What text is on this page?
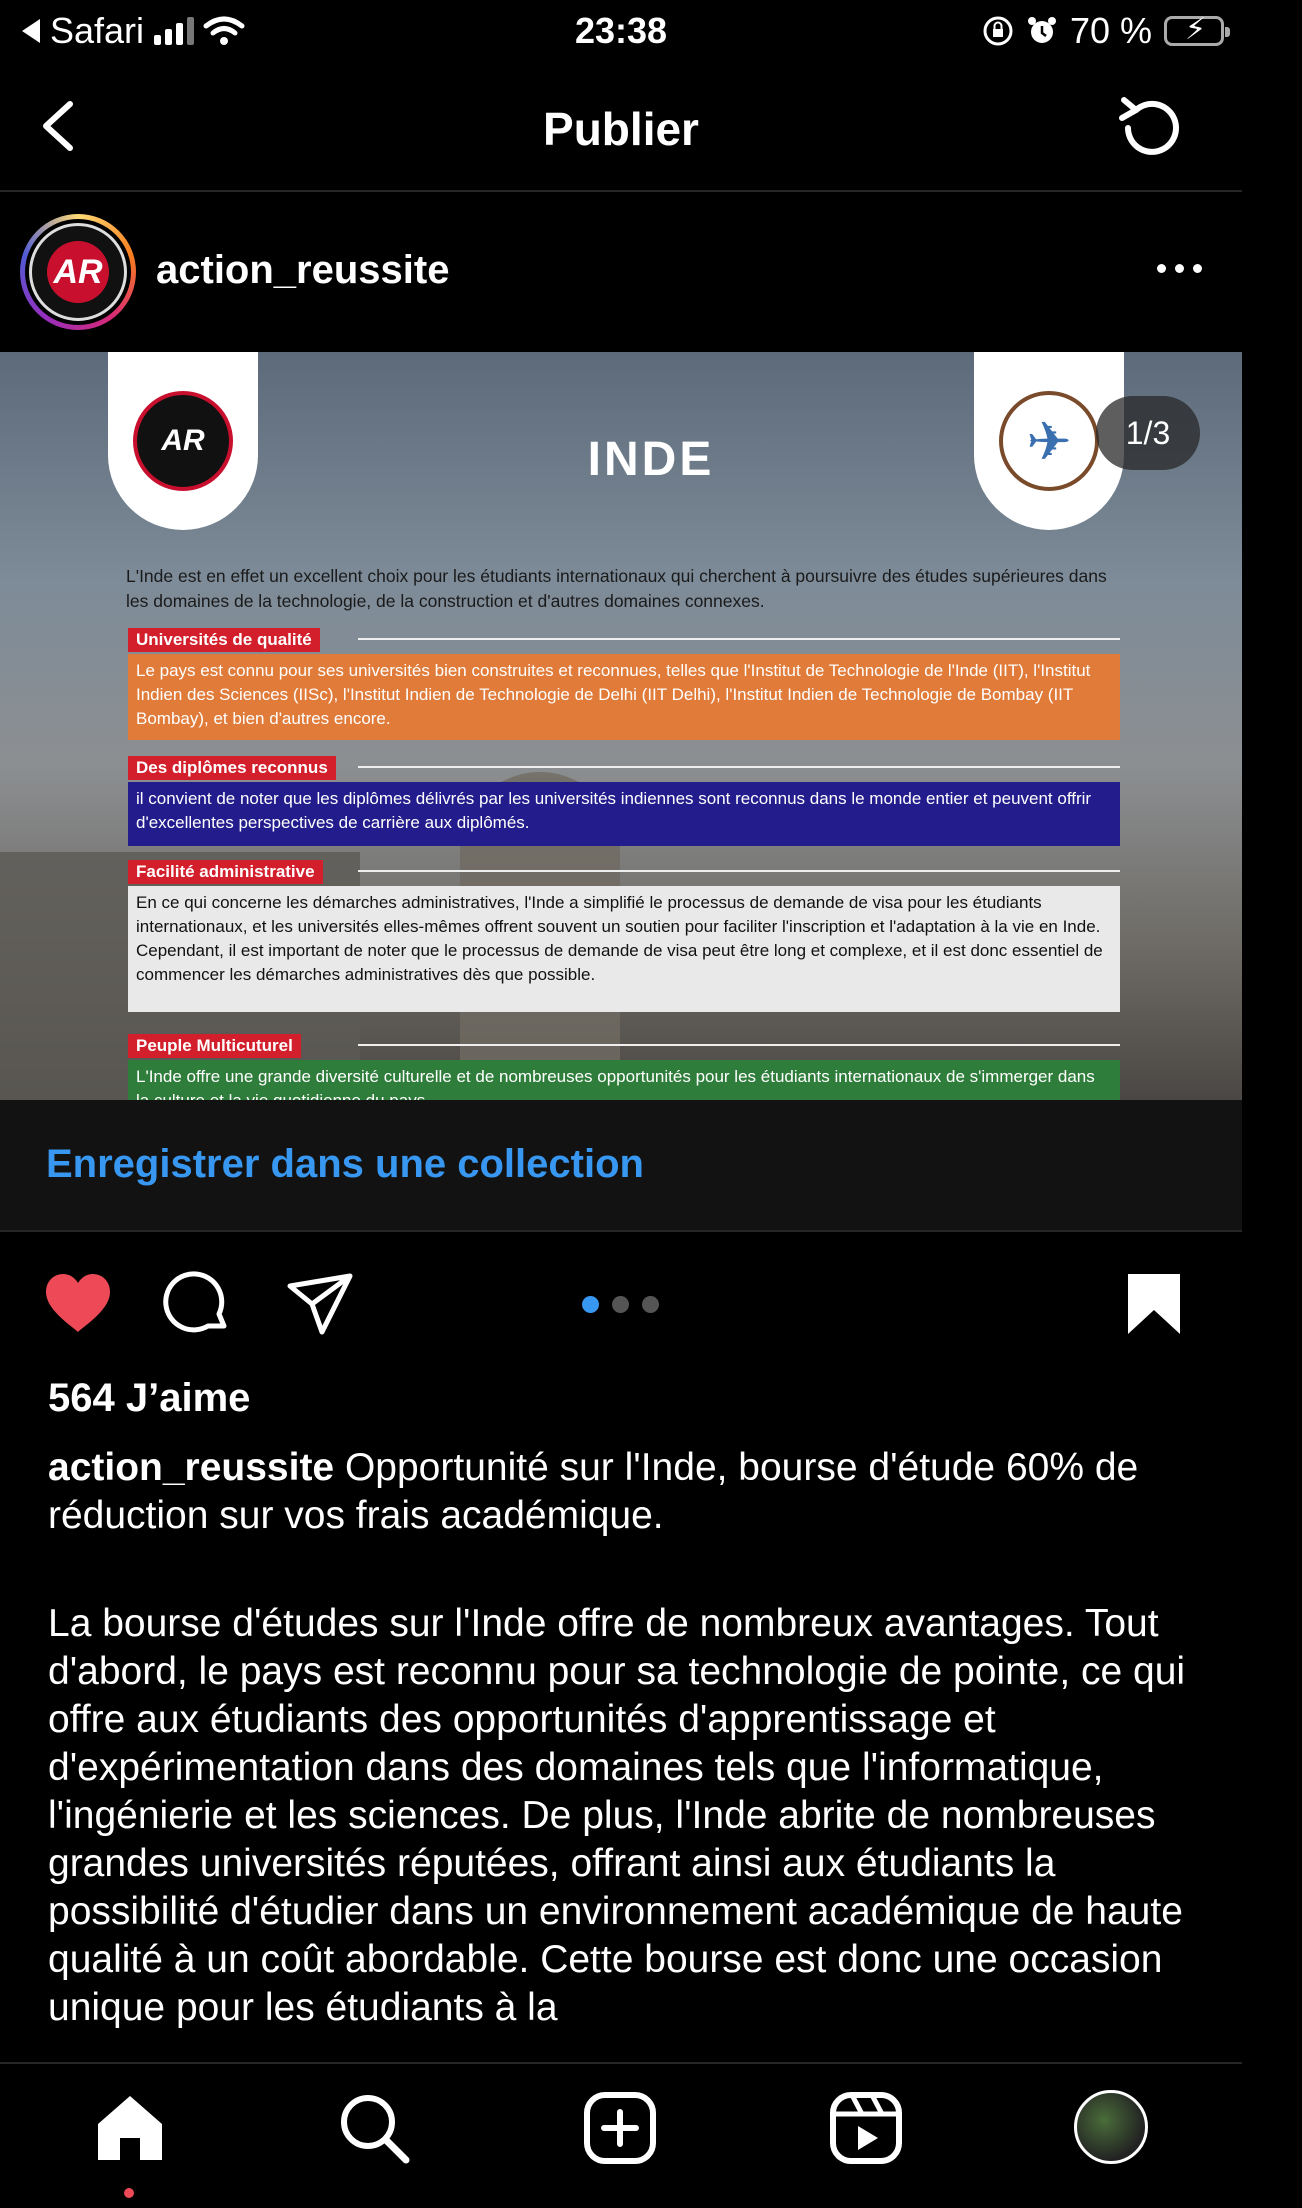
Safari	23:38	70 % ⚡
Publier
AR action_reussite
AR	✈
INDE
1/3
L'Inde est en effet un excellent choix pour les étudiants internationaux qui cherchent à poursuivre des études supérieures dans les domaines de la technologie, de la construction et d'autres domaines connexes.
Universités de qualité
Le pays est connu pour ses universités bien construites et reconnues, telles que l'Institut de Technologie de l'Inde (IIT), l'Institut Indien des Sciences (IISc), l'Institut Indien de Technologie de Delhi (IIT Delhi), l'Institut Indien de Technologie de Bombay (IIT Bombay), et bien d'autres encore.
Des diplômes reconnus
il convient de noter que les diplômes délivrés par les universités indiennes sont reconnus dans le monde entier et peuvent offrir d'excellentes perspectives de carrière aux diplômés.
Facilité administrative
En ce qui concerne les démarches administratives, l'Inde a simplifié le processus de demande de visa pour les étudiants internationaux, et les universités elles-mêmes offrent souvent un soutien pour faciliter l'inscription et l'adaptation à la vie en Inde. Cependant, il est important de noter que le processus de demande de visa peut être long et complexe, et il est donc essentiel de commencer les démarches administratives dès que possible.
Peuple Multicuturel
L'Inde offre une grande diversité culturelle et de nombreuses opportunités pour les étudiants internationaux de s'immerger dans
Enregistrer dans une collection
564 J’aime
action_reussite Opportunité sur l'Inde, bourse d'étude 60% de réduction sur vos frais académique.
La bourse d'études sur l'Inde offre de nombreux avantages. Tout d'abord, le pays est reconnu pour sa technologie de pointe, ce qui offre aux étudiants des opportunités d'apprentissage et d'expérimentation dans des domaines tels que l'informatique, l'ingénierie et les sciences. De plus, l'Inde abrite de nombreuses grandes universités réputées, offrant ainsi aux étudiants la possibilité d'étudier dans un environnement académique de haute qualité à un coût abordable. Cette bourse est donc une occasion unique pour les étudiants à la
